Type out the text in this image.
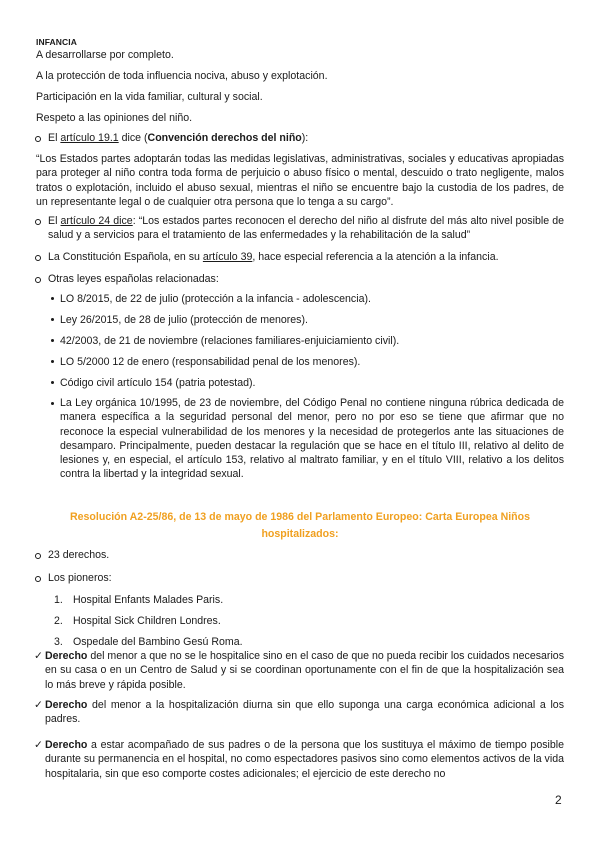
INFANCIA
A desarrollarse por completo.
A la protección de toda influencia nociva, abuso y explotación.
Participación en la vida familiar, cultural y social.
Respeto a las opiniones del niño.
El artículo 19.1 dice (Convención derechos del niño):
“Los Estados partes adoptarán todas las medidas legislativas, administrativas, sociales y educativas apropiadas para proteger al niño contra toda forma de perjuicio o abuso físico o mental, descuido o trato negligente, malos tratos o explotación, incluido el abuso sexual, mientras el niño se encuentre bajo la custodia de los padres, de un representante legal o de cualquier otra persona que lo tenga a su cargo”.
El artículo 24 dice: “Los estados partes reconocen el derecho del niño al disfrute del más alto nivel posible de salud y a servicios para el tratamiento de las enfermedades y la rehabilitación de la salud”
La Constitución Española, en su artículo 39, hace especial referencia a la atención a la infancia.
Otras leyes españolas relacionadas:
LO 8/2015, de 22 de julio (protección a la infancia - adolescencia).
Ley 26/2015, de 28 de julio (protección de menores).
42/2003, de 21 de noviembre (relaciones familiares-enjuiciamiento civil).
LO 5/2000 12 de enero (responsabilidad penal de los menores).
Código civil artículo 154 (patria potestad).
La Ley orgánica 10/1995, de 23 de noviembre, del Código Penal no contiene ninguna rúbrica dedicada de manera específica a la seguridad personal del menor, pero no por eso se tiene que afirmar que no reconoce la especial vulnerabilidad de los menores y la necesidad de protegerlos ante las situaciones de desamparo. Principalmente, pueden destacar la regulación que se hace en el título III, relativo al delito de lesiones y, en especial, el artículo 153, relativo al maltrato familiar, y en el título VIII, relativo a los delitos contra la libertad y la integridad sexual.
Resolución A2-25/86, de 13 de mayo de 1986 del Parlamento Europeo: Carta Europea Niños hospitalizados:
23 derechos.
Los pioneros:
1. Hospital Enfants Malades Paris.
2. Hospital Sick Children Londres.
3. Ospedale del Bambino Gesú Roma.
✓ Derecho del menor a que no se le hospitalice sino en el caso de que no pueda recibir los cuidados necesarios en su casa o en un Centro de Salud y si se coordinan oportunamente con el fin de que la hospitalización sea lo más breve y rápida posible.
✓ Derecho del menor a la hospitalización diurna sin que ello suponga una carga económica adicional a los padres.
✓ Derecho a estar acompañado de sus padres o de la persona que los sustituya el máximo de tiempo posible durante su permanencia en el hospital, no como espectadores pasivos sino como elementos activos de la vida hospitalaria, sin que eso comporte costes adicionales; el ejercicio de este derecho no
2
